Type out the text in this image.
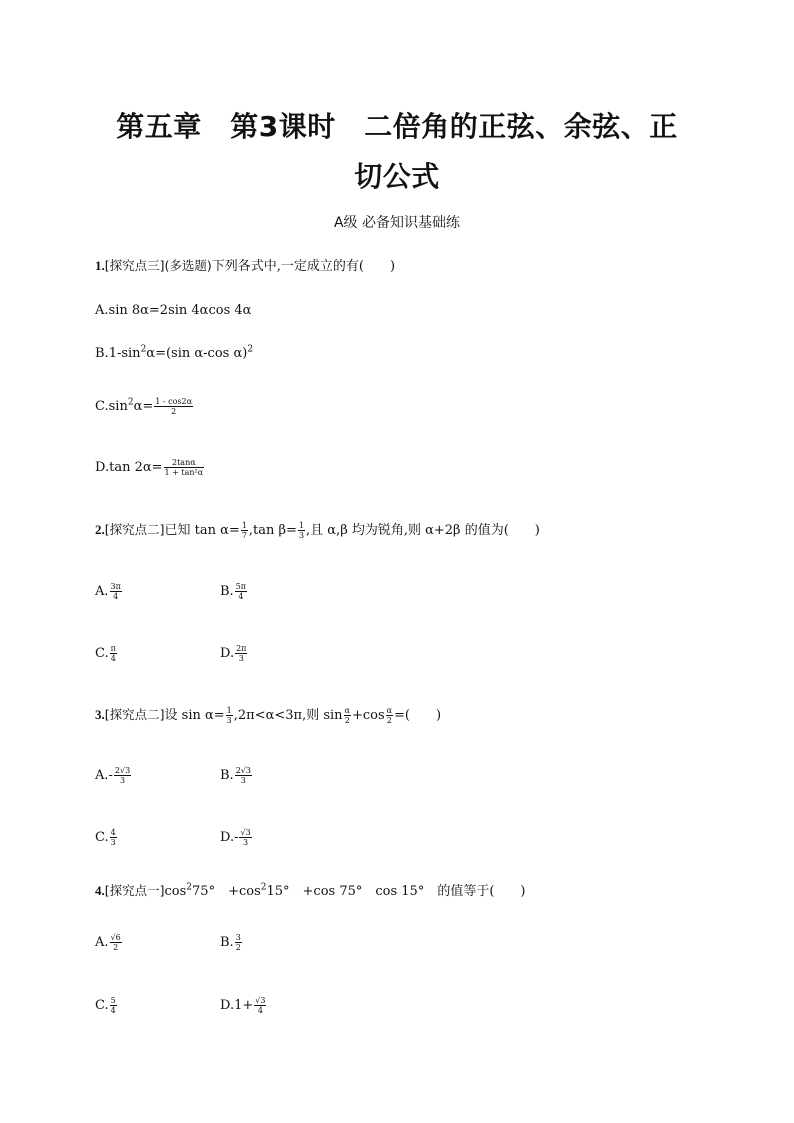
第五章　第3课时　二倍角的正弦、余弦、正
切公式
A级 必备知识基础练
1.[探究点三](多选题)下列各式中,一定成立的有(　　)
A.sin 8α=2sin 4αcos 4α
$B.1-\sin^2\alpha=(\sin$ α-cos α)$^2$
$C.\sin^2\alpha= \frac{1 - \cos 2\alpha}{2}$
D.tan $2\alpha= \frac{2\tan\alpha}{\text{1 + tan²α}}$
2.[探究点二]已知 $\tan \alpha= \frac{1}{7} ,\tan$ $\beta= \frac{1}{3}$ ,且 α,β 均为锐角,则 α+2β 的值为(　　)
A. $\frac{3\pi}{4}$	B. $\frac{5\pi}{4}$
C. $\frac{\pi}{4}$	D. $\frac{2\pi}{3}$
3.[探究点二]设 $\sin \alpha= \frac{1}{3} ,2\pi<\alpha<3\pi$,则 $\sin \frac{\alpha}{2} +\cos \frac{\alpha}{2}$ =(　　)
$A.- \frac{2√3}{3}$	B. $\frac{2√3}{3}$
C. $\frac{4}{3}$	$D.- \frac{√3}{3}$
4.[探究点一]$\cos^275^\circ$　$+\cos^215^\circ$　+cos 75°　cos 15°　的值等于(　　)
A. $\frac{√6}{2}$	B. $\frac{3}{2}$
C. $\frac{5}{4}$	$D.1+ \frac{√3}{4}$
